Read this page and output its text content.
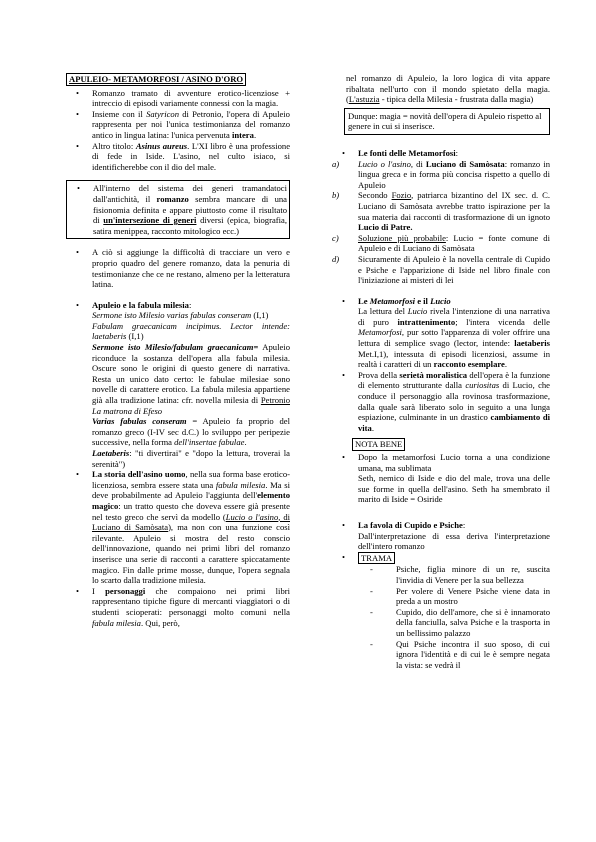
APULEIO- METAMORFOSI / ASINO D'ORO
• Romanzo tramato di avventure erotico-licenziose + intreccio di episodi variamente connessi con la magia.
• Insieme con il Satyricon di Petronio, l'opera di Apuleio rappresenta per noi l'unica testimonianza del romanzo antico in lingua latina: l'unica pervenuta intera.
• Altro titolo: Asinus aureus. L'XI libro è una professione di fede in Iside. L'asino, nel culto isiaco, si identificherebbe con il dio del male.
• All'interno del sistema dei generi tramandatoci dall'antichità, il romanzo sembra mancare di una fisionomia definita e appare piuttosto come il risultato di un'intersezione di generi diversi (epica, biografia, satira menippea, racconto mitologico ecc.)
• A ciò si aggiunge la difficoltà di tracciare un vero e proprio quadro del genere romanzo, data la penuria di testimonianze che ce ne restano, almeno per la letteratura latina.
• Apuleio e la fabula milesia:
Sermone isto Milesio varias fabulas conseram (I,1)
Fabulam graecanicam incipimus. Lector intende: laetaberis (I,1)
Sermone isto Milesio/fabulam graecanicam= Apuleio riconduce la sostanza dell'opera alla fabula milesia. Oscure sono le origini di questo genere di narrativa. Resta un unico dato certo: le fabulae milesiae sono novelle di carattere erotico. La fabula milesia appartiene già alla tradizione latina: cfr. novella milesia di Petronio La matrona di Efeso
Varias fabulas conseram = Apuleio fa proprio del romanzo greco (I-IV sec d.C.) lo sviluppo per peripezie successive, nella forma dell'insertae fabulae.
Laetaberis: "ti divertirai" e "dopo la lettura, troverai la serenità")
• La storia dell'asino uomo, nella sua forma base erotico-licenziosa, sembra essere stata una fabula milesia. Ma si deve probabilmente ad Apuleio l'aggiunta dell'elemento magico: un tratto questo che doveva essere già presente nel testo greco che servì da modello (Lucio o l'asino, di Luciano di Samòsata), ma non con una funzione così rilevante. Apuleio si mostra del resto conscio dell'innovazione, quando nei primi libri del romanzo inserisce una serie di racconti a carattere spiccatamente magico. Fin dalle prime mosse, dunque, l'opera segnala lo scarto dalla tradizione milesia.
• I personaggi che compaiono nei primi libri rappresentano tipiche figure di mercanti viaggiatori o di studenti scioperati: personaggi molto comuni nella fabula milesia. Qui, però,
nel romanzo di Apuleio, la loro logica di vita appare ribaltata nell'urto con il mondo spietato della magia. (L'astuzia - tipica della Milesia - frustrata dalla magia)
Dunque: magia = novità dell'opera di Apuleio rispetto al genere in cui si inserisce.
• Le fonti delle Metamorfosi:
a) Lucio o l'asino, di Luciano di Samòsata: romanzo in lingua greca e in forma più concisa rispetto a quello di Apuleio
b) Secondo Fozio, patriarca bizantino del IX sec. d. C. Luciano di Samòsata avrebbe tratto ispirazione per la sua materia dai racconti di trasformazione di un ignoto Lucio di Patre.
c) Soluzione più probabile: Lucio = fonte comune di Apuleio e di Luciano di Samòsata
d) Sicuramente di Apuleio è la novella centrale di Cupido e Psiche e l'apparizione di Iside nel libro finale con l'iniziazione ai misteri di lei
• Le Metamorfosi e il Lucio
La lettura del Lucio rivela l'intenzione di una narrativa di puro intrattenimento; l'intera vicenda delle Metamorfosi, pur sotto l'apparenza di voler offrire una lettura di semplice svago (lector, intende: laetaberis Met.I,1), intessuta di episodi licenziosi, assume in realtà i caratteri di un racconto esemplare.
• Prova della serietà moralistica dell'opera è la funzione di elemento strutturante dalla curiositas di Lucio, che conduce il personaggio alla rovinosa trasformazione, dalla quale sarà liberato solo in seguito a una lunga espiazione, culminante in un drastico cambiamento di vita.
NOTA BENE
• Dopo la metamorfosi Lucio torna a una condizione umana, ma sublimata
Seth, nemico di Iside e dio del male, trova una delle sue forme in quella dell'asino. Seth ha smembrato il marito di Iside = Osiride
• La favola di Cupido e Psiche:
Dall'interpretazione di essa deriva l'interpretazione dell'intero romanzo
• TRAMA
- Psiche, figlia minore di un re, suscita l'invidia di Venere per la sua bellezza
- Per volere di Venere Psiche viene data in preda a un mostro
- Cupido, dio dell'amore, che si è innamorato della fanciulla, salva Psiche e la trasporta in un bellissimo palazzo
- Qui Psiche incontra il suo sposo, di cui ignora l'identità e di cui le è sempre negata la vista: se vedrà il
